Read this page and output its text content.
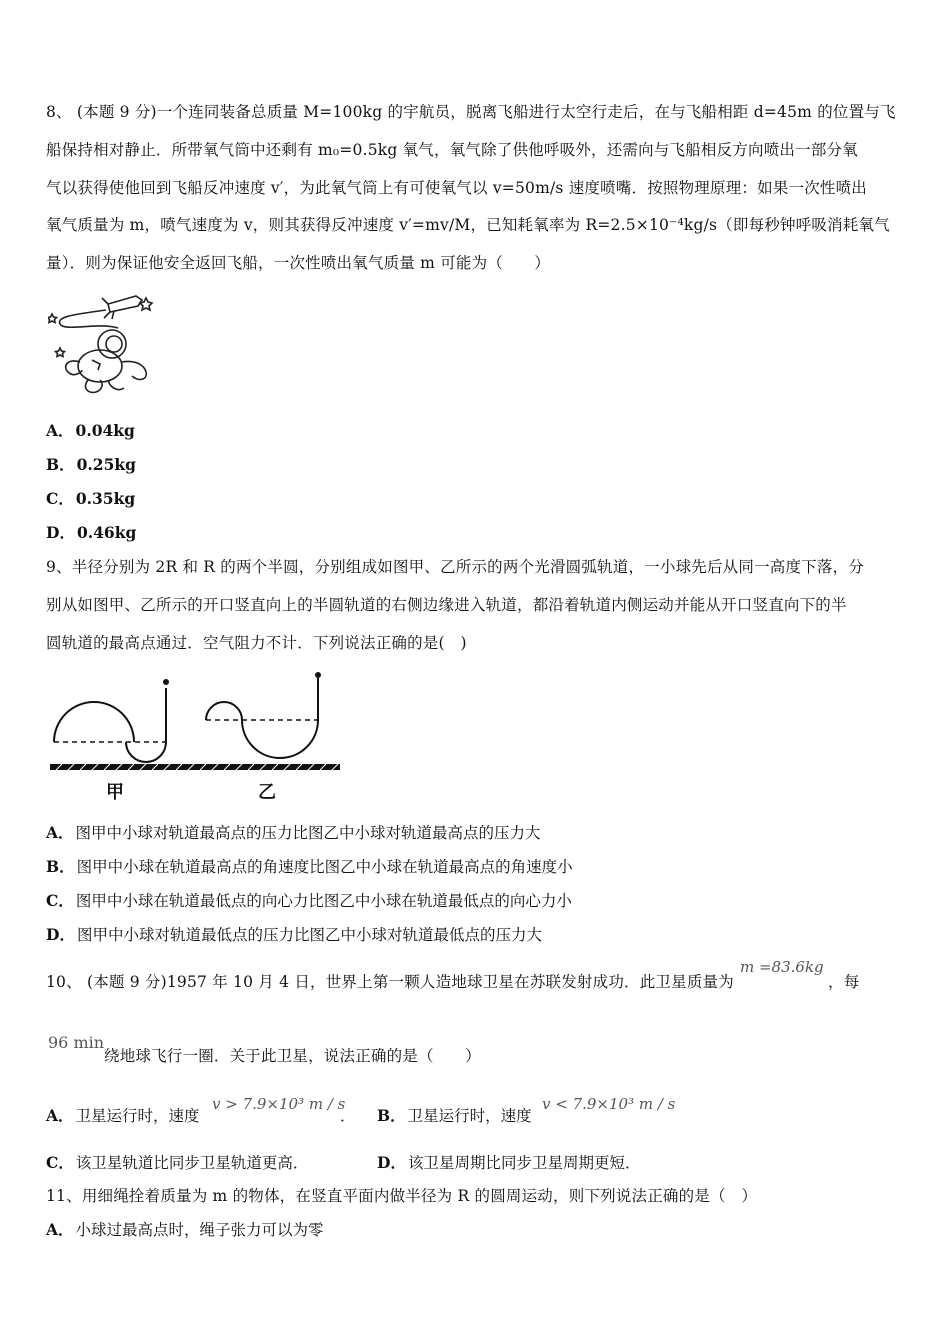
8、 (本题 9 分)一个连同装备总质量 M=100kg 的宇航员，脱离飞船进行太空行走后，在与飞船相距 d=45m 的位置与飞
船保持相对静止．所带氧气筒中还剩有 m₀=0.5kg 氧气，氧气除了供他呼吸外，还需向与飞船相反方向喷出一部分氧
气以获得使他回到飞船反冲速度 v′，为此氧气筒上有可使氧气以 v=50m/s 速度喷嘴．按照物理原理：如果一次性喷出
氧气质量为 m，喷气速度为 v，则其获得反冲速度 v′=mv/M，已知耗氧率为 R=2.5×10⁻⁴kg/s（即每秒钟呼吸消耗氧气
量）．则为保证他安全返回飞船，一次性喷出氧气质量 m 可能为（　　）
A． 0.04kg
B． 0.25kg
C． 0.35kg
D． 0.46kg
9、半径分别为 2R 和 R 的两个半圆，分别组成如图甲、乙所示的两个光滑圆弧轨道，一小球先后从同一高度下落，分
别从如图甲、乙所示的开口竖直向上的半圆轨道的右侧边缘进入轨道，都沿着轨道内侧运动并能从开口竖直向下的半
圆轨道的最高点通过．空气阻力不计．下列说法正确的是(　)
甲	乙
A． 图甲中小球对轨道最高点的压力比图乙中小球对轨道最高点的压力大
B． 图甲中小球在轨道最高点的角速度比图乙中小球在轨道最高点的角速度小
C． 图甲中小球在轨道最低点的向心力比图乙中小球在轨道最低点的向心力小
D． 图甲中小球对轨道最低点的压力比图乙中小球对轨道最低点的压力大
10、 (本题 9 分)1957 年 10 月 4 日，世界上第一颗人造地球卫星在苏联发射成功．此卫星质量为
m =83.6kg
，每
96 min
绕地球飞行一圈．关于此卫星，说法正确的是（　　）
A． 卫星运行时，速度
v > 7.9×10³ m / s
． B． 卫星运行时，速度
v < 7.9×10³ m / s
C． 该卫星轨道比同步卫星轨道更高．	D． 该卫星周期比同步卫星周期更短．
11、用细绳拴着质量为 m 的物体，在竖直平面内做半径为 R 的圆周运动，则下列说法正确的是（　）
A． 小球过最高点时，绳子张力可以为零
